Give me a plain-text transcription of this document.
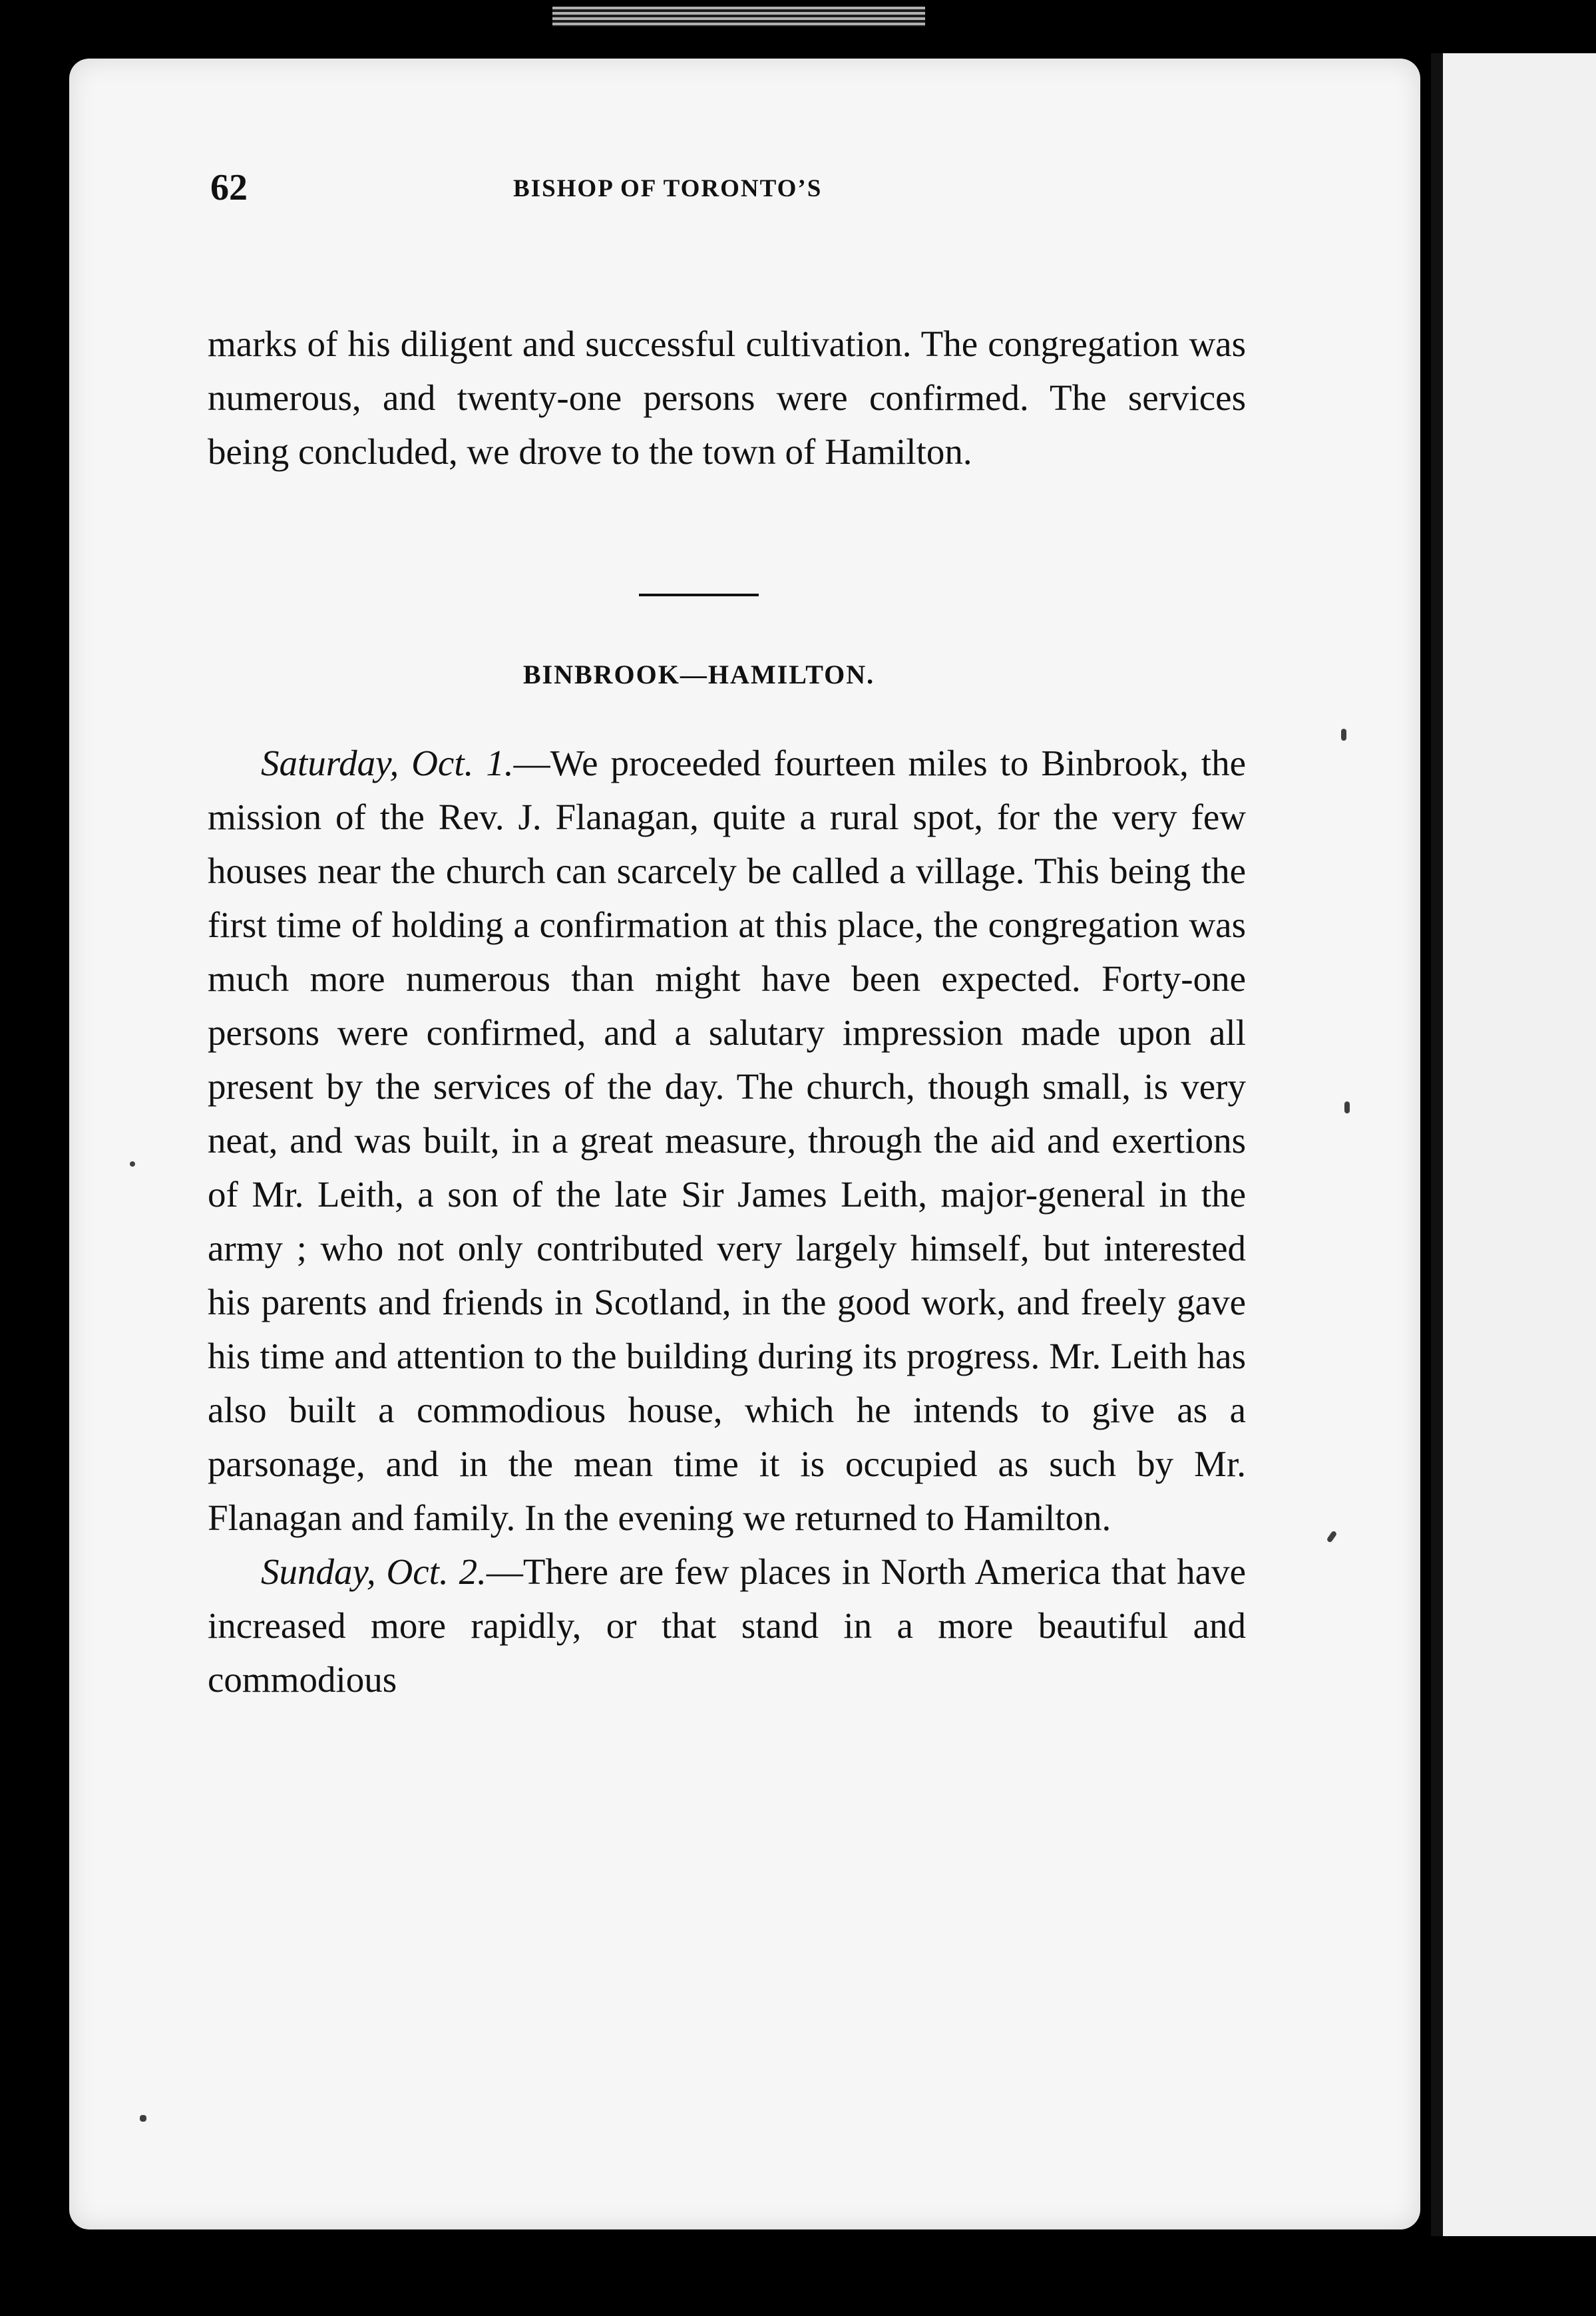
62	BISHOP OF TORONTO’S
marks of his diligent and successful cultivation. The congregation was numerous, and twenty-one persons were confirmed. The services being concluded, we drove to the town of Hamilton.
BINBROOK—HAMILTON.

Saturday, Oct. 1.—We proceeded fourteen miles to Binbrook, the mission of the Rev. J. Flanagan, quite a rural spot, for the very few houses near the church can scarcely be called a village. This being the first time of holding a confirmation at this place, the congregation was much more numerous than might have been expected. Forty-one persons were confirmed, and a salutary impression made upon all present by the services of the day. The church, though small, is very neat, and was built, in a great measure, through the aid and exertions of Mr. Leith, a son of the late Sir James Leith, major-general in the army ; who not only contributed very largely himself, but interested his parents and friends in Scotland, in the good work, and freely gave his time and attention to the building during its progress. Mr. Leith has also built a commodious house, which he intends to give as a parsonage, and in the mean time it is occupied as such by Mr. Flanagan and family. In the evening we returned to Hamilton.

Sunday, Oct. 2.—There are few places in North America that have increased more rapidly, or that stand in a more beautiful and commodious
